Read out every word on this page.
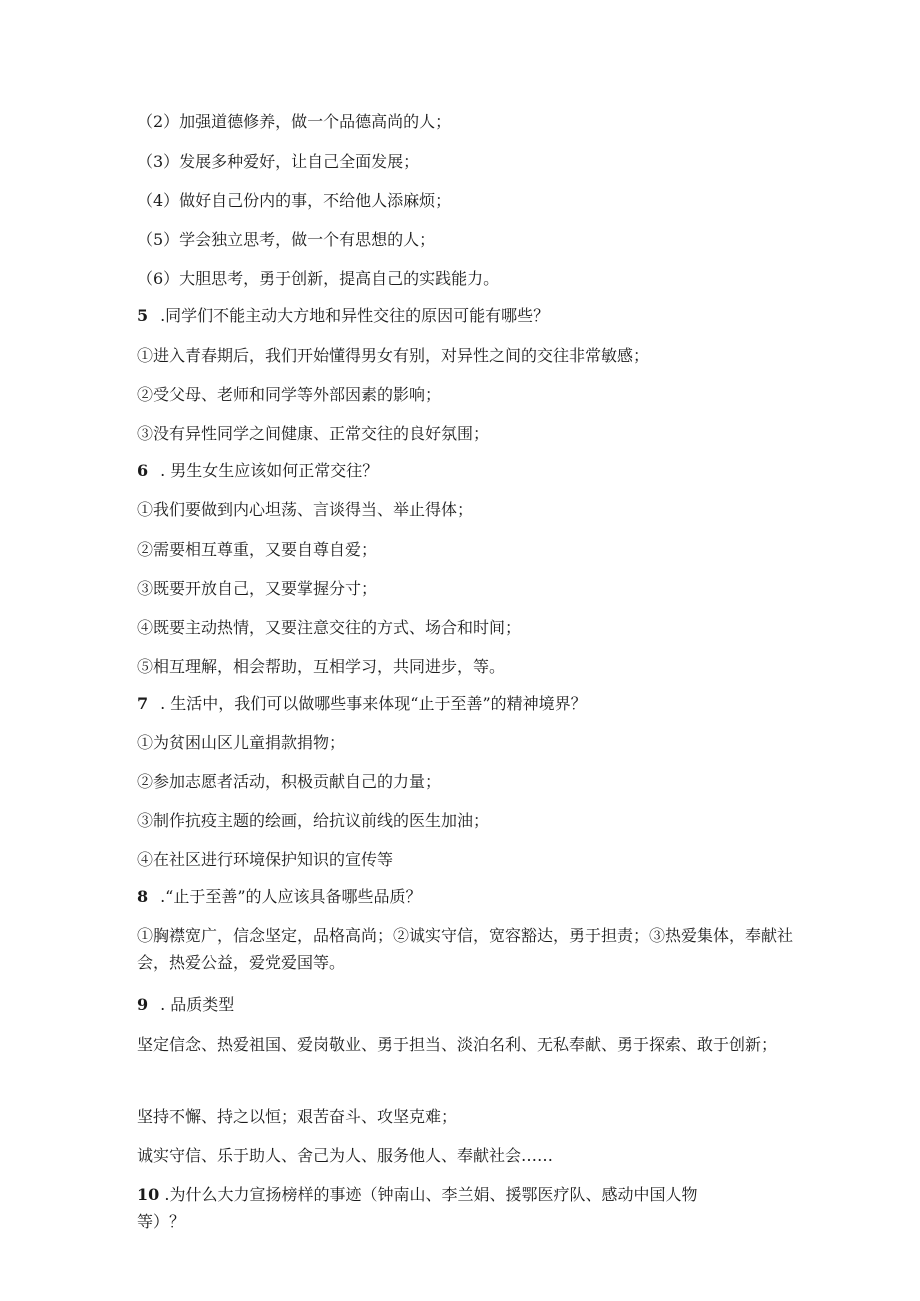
（2）加强道德修养，做一个品德高尚的人；
（3）发展多种爱好，让自己全面发展；
（4）做好自己份内的事，不给他人添麻烦；
（5）学会独立思考，做一个有思想的人；
（6）大胆思考，勇于创新，提高自己的实践能力。
5 .同学们不能主动大方地和异性交往的原因可能有哪些？
①进入青春期后，我们开始懂得男女有别，对异性之间的交往非常敏感；
②受父母、老师和同学等外部因素的影响；
③没有异性同学之间健康、正常交往的良好氛围；
6 . 男生女生应该如何正常交往？
①我们要做到内心坦荡、言谈得当、举止得体；
②需要相互尊重，又要自尊自爱；
③既要开放自己，又要掌握分寸；
④既要主动热情，又要注意交往的方式、场合和时间；
⑤相互理解，相会帮助，互相学习，共同进步，等。
7 . 生活中，我们可以做哪些事来体现“止于至善”的精神境界？
①为贫困山区儿童捐款捐物；
②参加志愿者活动，积极贡献自己的力量；
③制作抗疫主题的绘画，给抗议前线的医生加油；
④在社区进行环境保护知识的宣传等
8 .“止于至善”的人应该具备哪些品质？
①胸襟宽广，信念坚定，品格高尚；②诚实守信，宽容豁达，勇于担责；③热爱集体，奉献社会，热爱公益，爱党爱国等。
9 . 品质类型
坚定信念、热爱祖国、爱岗敬业、勇于担当、淡泊名利、无私奉献、勇于探索、敢于创新；
坚持不懈、持之以恒；艰苦奋斗、攻坚克难；
诚实守信、乐于助人、舍己为人、服务他人、奉献社会……
10 .为什么大力宣扬榜样的事迹（钟南山、李兰娟、援鄂医疗队、感动中国人物等）？
